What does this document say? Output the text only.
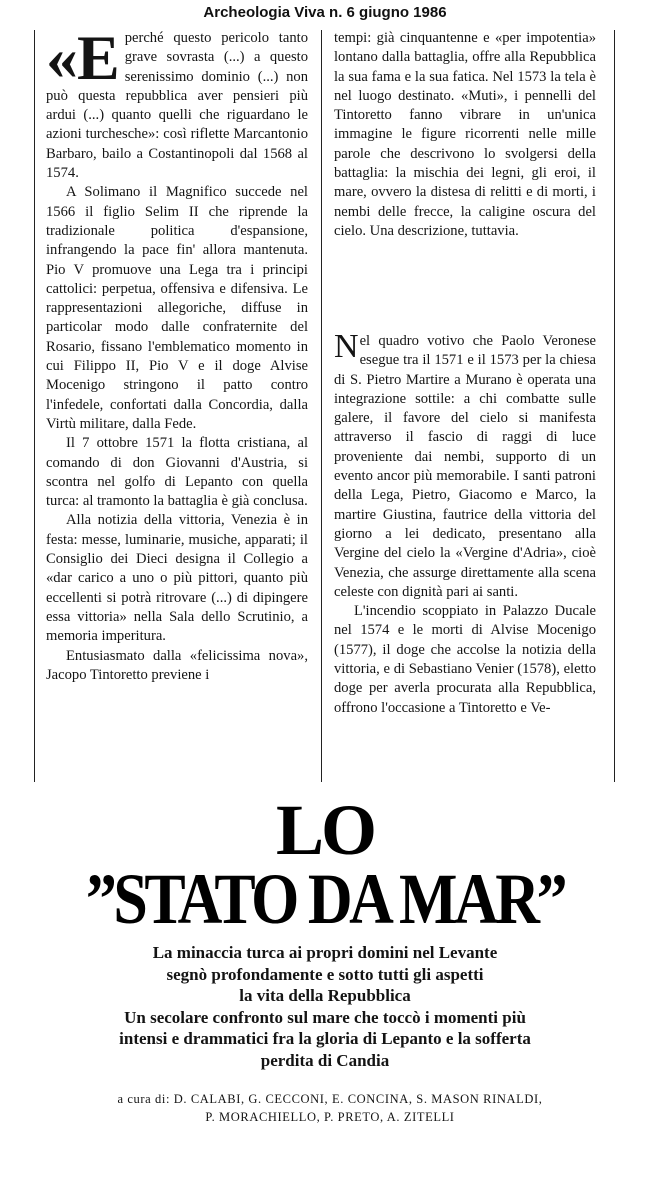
Archeologia Viva n. 6 giugno 1986

«Eperché questo pericolo tanto grave sovrasta (...) a questo serenissimo dominio (...) non può questa repubblica aver pensieri più ardui (...) quanto quelli che riguardano le azioni turchesche»: così riflette Marcantonio Barbaro, bailo a Costantinopoli dal 1568 al 1574.

A Solimano il Magnifico succede nel 1566 il figlio Selim II che riprende la tradizionale politica d'espansione, infrangendo la pace fin' allora mantenuta. Pio V promuove una Lega tra i principi cattolici: perpetua, offensiva e difensiva. Le rappresentazioni allegoriche, diffuse in particolar modo dalle confraternite del Rosario, fissano l'emblematico momento in cui Filippo II, Pio V e il doge Alvise Mocenigo stringono il patto contro l'infedele, confortati dalla Concordia, dalla Virtù militare, dalla Fede.

Il 7 ottobre 1571 la flotta cristiana, al comando di don Giovanni d'Austria, si scontra nel golfo di Lepanto con quella turca: al tramonto la battaglia è già conclusa.

Alla notizia della vittoria, Venezia è in festa: messe, luminarie, musiche, apparati; il Consiglio dei Dieci designa il Collegio a «dar carico a uno o più pittori, quanto più eccellenti si potrà ritrovare (...) di dipingere essa vittoria» nella Sala dello Scrutinio, a memoria imperitura.

Entusiasmato dalla «felicissima nova», Jacopo Tintoretto previene i

tempi: già cinquantenne e «per impotentia» lontano dalla battaglia, offre alla Repubblica la sua fama e la sua fatica. Nel 1573 la tela è nel luogo destinato. «Muti», i pennelli del Tintoretto fanno vibrare in un'unica immagine le figure ricorrenti nelle mille parole che descrivono lo svolgersi della battaglia: la mischia dei legni, gli eroi, il mare, ovvero la distesa di relitti e di morti, i nembi delle frecce, la caligine oscura del cielo. Una descrizione, tuttavia.

Nel quadro votivo che Paolo Veronese esegue tra il 1571 e il 1573 per la chiesa di S. Pietro Martire a Murano è operata una integrazione sottile: a chi combatte sulle galere, il favore del cielo si manifesta attraverso il fascio di raggi di luce proveniente dai nembi, supporto di un evento ancor più memorabile. I santi patroni della Lega, Pietro, Giacomo e Marco, la martire Giustina, fautrice della vittoria del giorno a lei dedicato, presentano alla Vergine del cielo la «Vergine d'Adria», cioè Venezia, che assurge direttamente alla scena celeste con dignità pari ai santi.

L'incendio scoppiato in Palazzo Ducale nel 1574 e le morti di Alvise Mocenigo (1577), il doge che accolse la notizia della vittoria, e di Sebastiano Venier (1578), eletto doge per averla procurata alla Repubblica, offrono l'occasione a Tintoretto e Ve-

LO
”STATO DA MAR”
La minaccia turca ai propri domini nel Levante
segnò profondamente e sotto tutti gli aspetti
la vita della Repubblica
Un secolare confronto sul mare che toccò i momenti più
intensi e drammatici fra la gloria di Lepanto e la sofferta
perdita di Candia
a cura di: D. CALABI, G. CECCONI, E. CONCINA, S. MASON RINALDI,
P. MORACHIELLO, P. PRETO, A. ZITELLI
